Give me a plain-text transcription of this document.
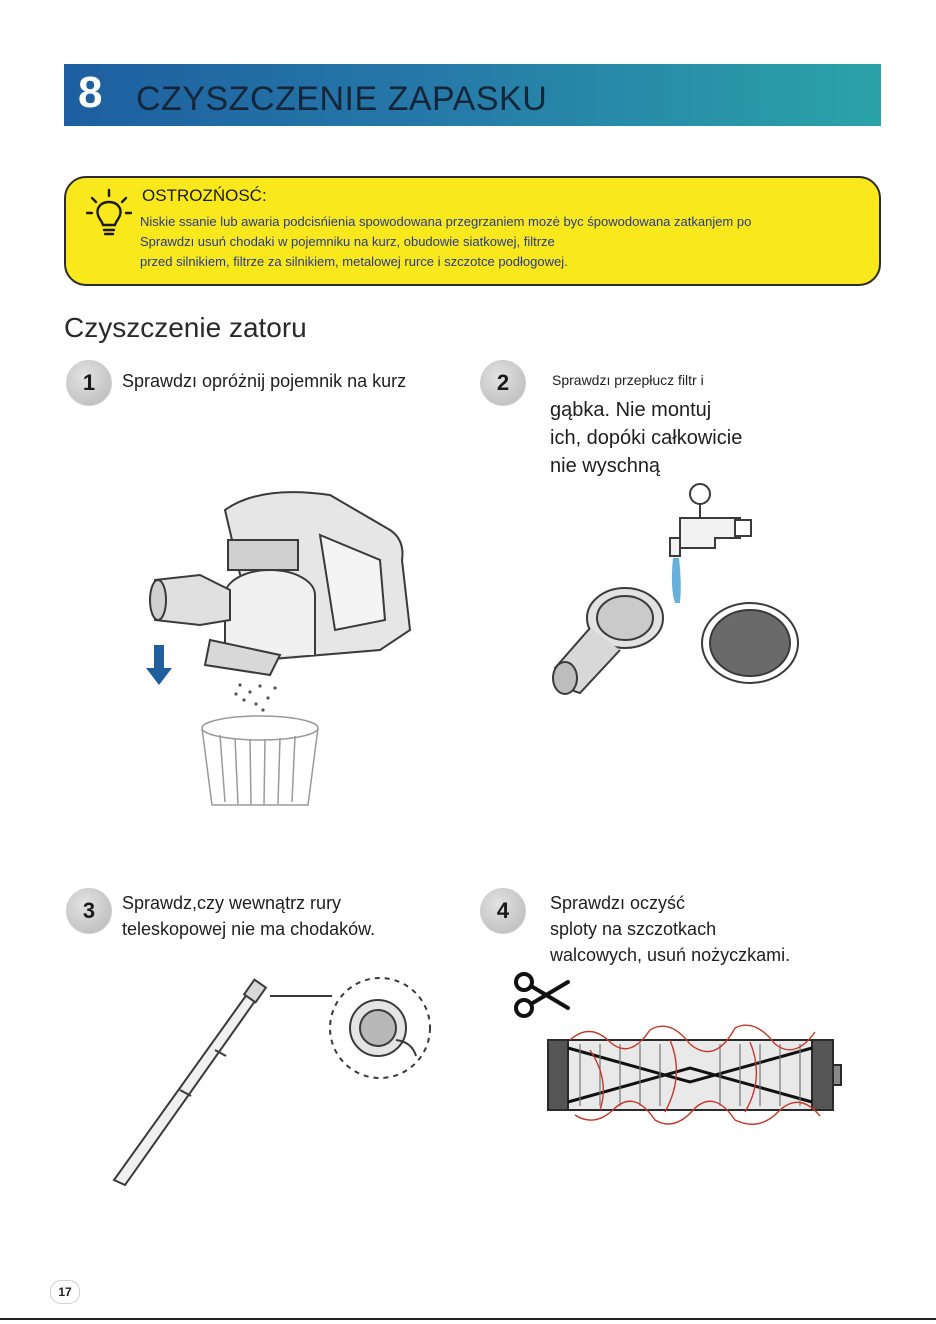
8 CZYSZCZENIE ZAPASKU
OSTROZŃOSĆ:
Niskie ssanie lub awaria podcisńienia spowodowana przegrzaniem mozė byc śpowodowana zatkanjem po
Sprawdzı usuń chodaki w pojemniku na kurz, obudowie siatkowej, filtrze
przed silnikiem, filtrze za silnikiem, metalowej rurce i szczotce podłogowej.
Czyszczenie zatoru
1	Sprawdzı opróżnij pojemnik na kurz	2	Sprawdzı przepłucz filtr i
gąbka. Nie montuj
ich, dopóki całkowicie
nie wyschną
3	Sprawdz,czy wewnątrz rury
teleskopowej nie ma chodaków.
4	Sprawdzı oczyść
sploty na szczotkach
walcowych, usuń nożyczkami.
17
